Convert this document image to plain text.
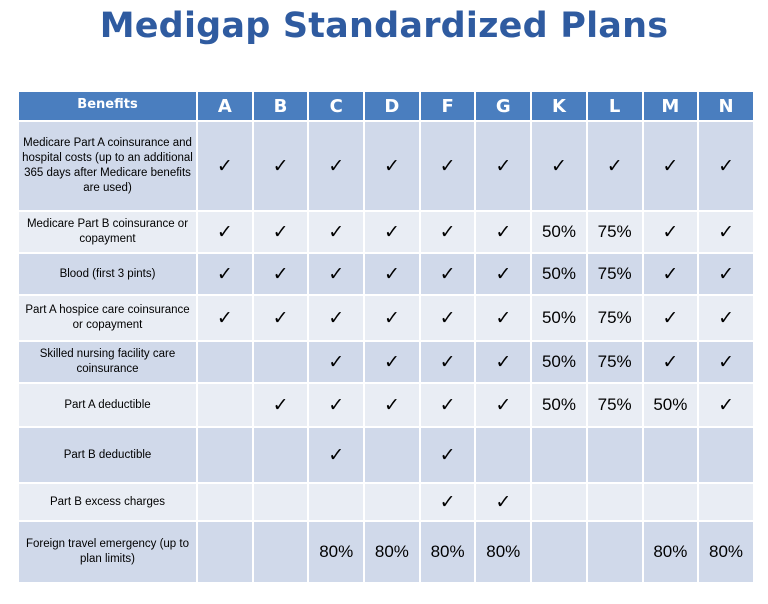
Medigap Standardized Plans
Benefits	A	B	C	D	F	G	K	L	M	N
Medicare Part A coinsurance and hospital costs (up to an additional 365 days after Medicare benefits are used)	✓	✓	✓	✓	✓	✓	✓	✓	✓	✓
Medicare Part B coinsurance or copayment	✓	✓	✓	✓	✓	✓	50%	75%	✓	✓
Blood (first 3 pints)	✓	✓	✓	✓	✓	✓	50%	75%	✓	✓
Part A hospice care coinsurance or copayment	✓	✓	✓	✓	✓	✓	50%	75%	✓	✓
Skilled nursing facility care coinsurance			✓	✓	✓	✓	50%	75%	✓	✓
Part A deductible		✓	✓	✓	✓	✓	50%	75%	50%	✓
Part B deductible			✓		✓					
Part B excess charges					✓	✓				
Foreign travel emergency (up to plan limits)			80%	80%	80%	80%			80%	80%
